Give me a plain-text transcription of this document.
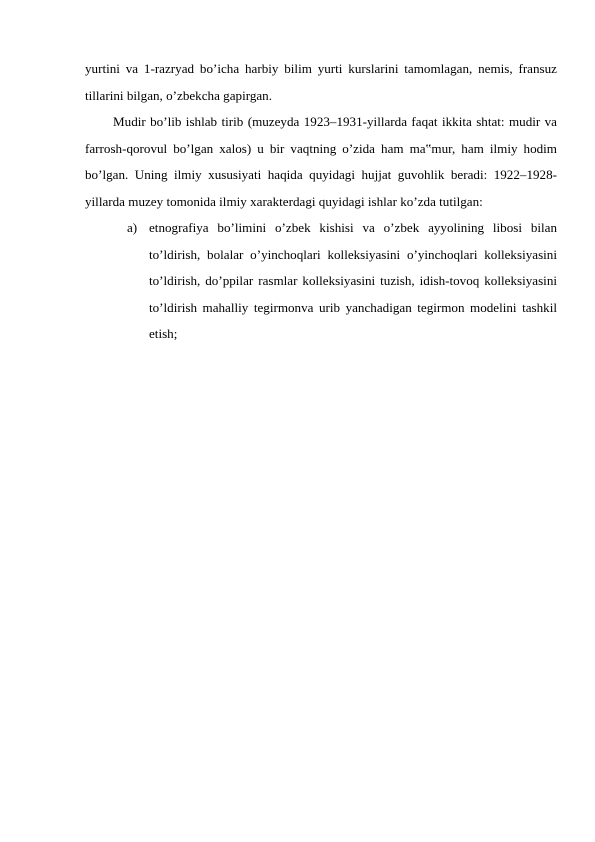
yurtini va 1-razryad bo’icha harbiy bilim yurti kurslarini tamomlagan, nemis, fransuz tillarini bilgan, o’zbekcha gapirgan.

Mudir bo’lib ishlab tirib (muzeyda 1923–1931-yillarda faqat ikkita shtat: mudir va farrosh-qorovul bo’lgan xalos) u bir vaqtning o’zida ham ma‟mur, ham ilmiy hodim bo’lgan. Uning ilmiy xususiyati haqida quyidagi hujjat guvohlik beradi: 1922–1928-yillarda muzey tomonida ilmiy xarakterdagi quyidagi ishlar ko’zda tutilgan:

a) etnografiya bo’limini o’zbek kishisi va o’zbek ayyolining libosi bilan to’ldirish, bolalar o’yinchoqlari kolleksiyasini o’yinchoqlari kolleksiyasini to’ldirish, do’ppilar rasmlar kolleksiyasini tuzish, idish-tovoq kolleksiyasini to’ldirish mahalliy tegirmonva urib yanchadigan tegirmon modelini tashkil etish;
